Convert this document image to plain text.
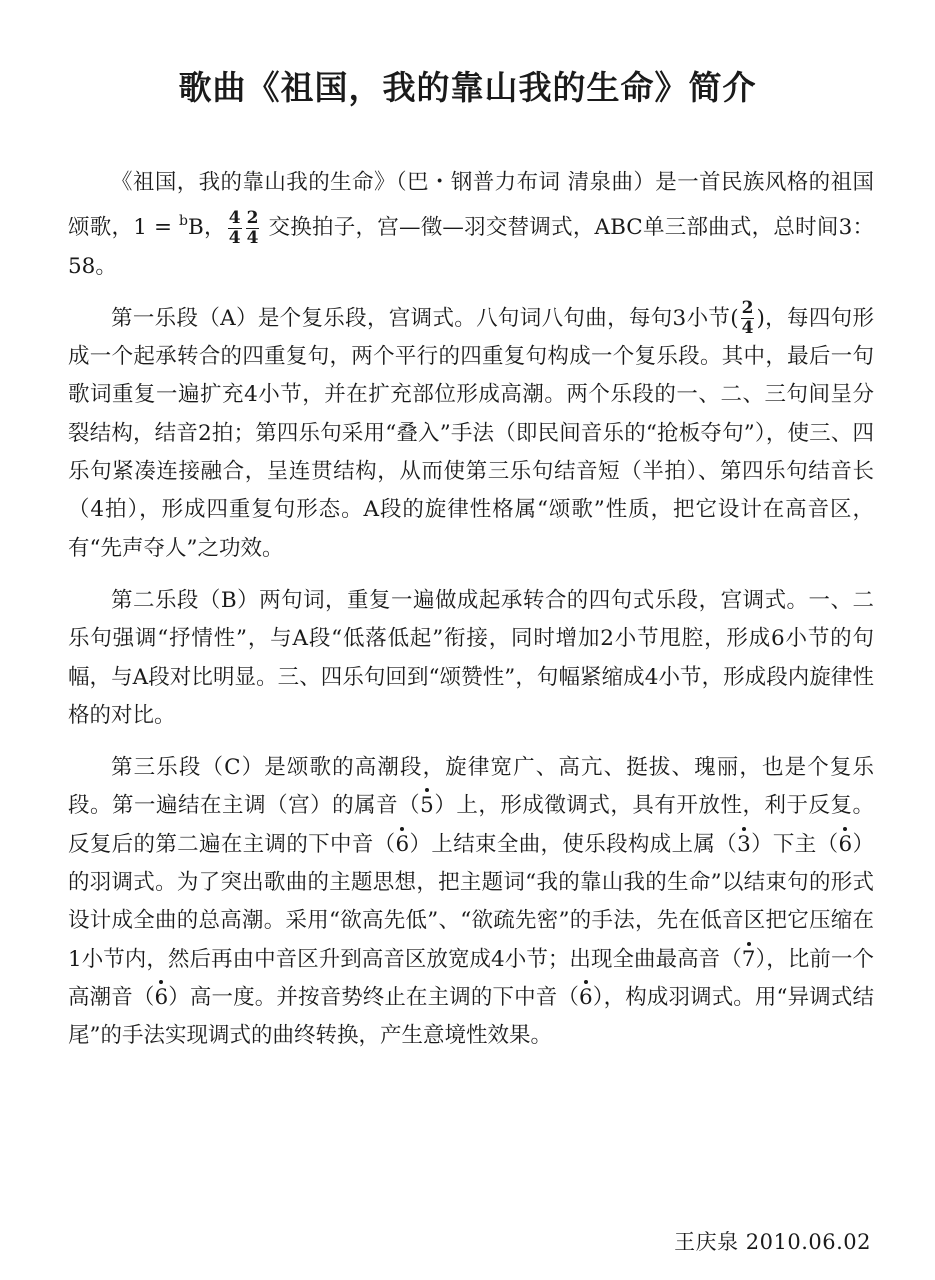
歌曲《祖国，我的靠山我的生命》简介

《祖国，我的靠山我的生命》（巴・钢普力布词 清泉曲）是一首民族风格的祖国颂歌，1 = $^b$B， $\frac{4}{4} \frac{2}{4}$ 交换拍子，宫—徵—羽交替调式，ABC单三部曲式，总时间3：58。

第一乐段（A）是个复乐段，宫调式。八句词八句曲，每句3小节( $\frac{2}{4}$ )，每四句形成一个起承转合的四重复句，两个平行的四重复句构成一个复乐段。其中，最后一句歌词重复一遍扩充4小节，并在扩充部位形成高潮。两个乐段的一、二、三句间呈分裂结构，结音2拍；第四乐句采用“叠入”手法（即民间音乐的“抢板夺句”），使三、四乐句紧凑连接融合，呈连贯结构，从而使第三乐句结音短（半拍）、第四乐句结音长（4拍），形成四重复句形态。A段的旋律性格属“颂歌”性质，把它设计在高音区，有“先声夺人”之功效。

第二乐段（B）两句词，重复一遍做成起承转合的四句式乐段，宫调式。一、二乐句强调“抒情性”，与A段“低落低起”衔接，同时增加2小节甩腔，形成6小节的句幅，与A段对比明显。三、四乐句回到“颂赞性”，句幅紧缩成4小节，形成段内旋律性格的对比。

第三乐段（C）是颂歌的高潮段，旋律宽广、高亢、挺拔、瑰丽，也是个复乐段。第一遍结在主调（宫）的属音（5）上，形成徵调式，具有开放性，利于反复。反复后的第二遍在主调的下中音（6）上结束全曲，使乐段构成上属（3）下主（6）的羽调式。为了突出歌曲的主题思想，把主题词“我的靠山我的生命”以结束句的形式设计成全曲的总高潮。采用“欲高先低”、“欲疏先密”的手法，先在低音区把它压缩在1小节内，然后再由中音区升到高音区放宽成4小节；出现全曲最高音（7），比前一个高潮音（6）高一度。并按音势终止在主调的下中音（6），构成羽调式。用“异调式结尾”的手法实现调式的曲终转换，产生意境性效果。

王庆泉 2010.06.02
